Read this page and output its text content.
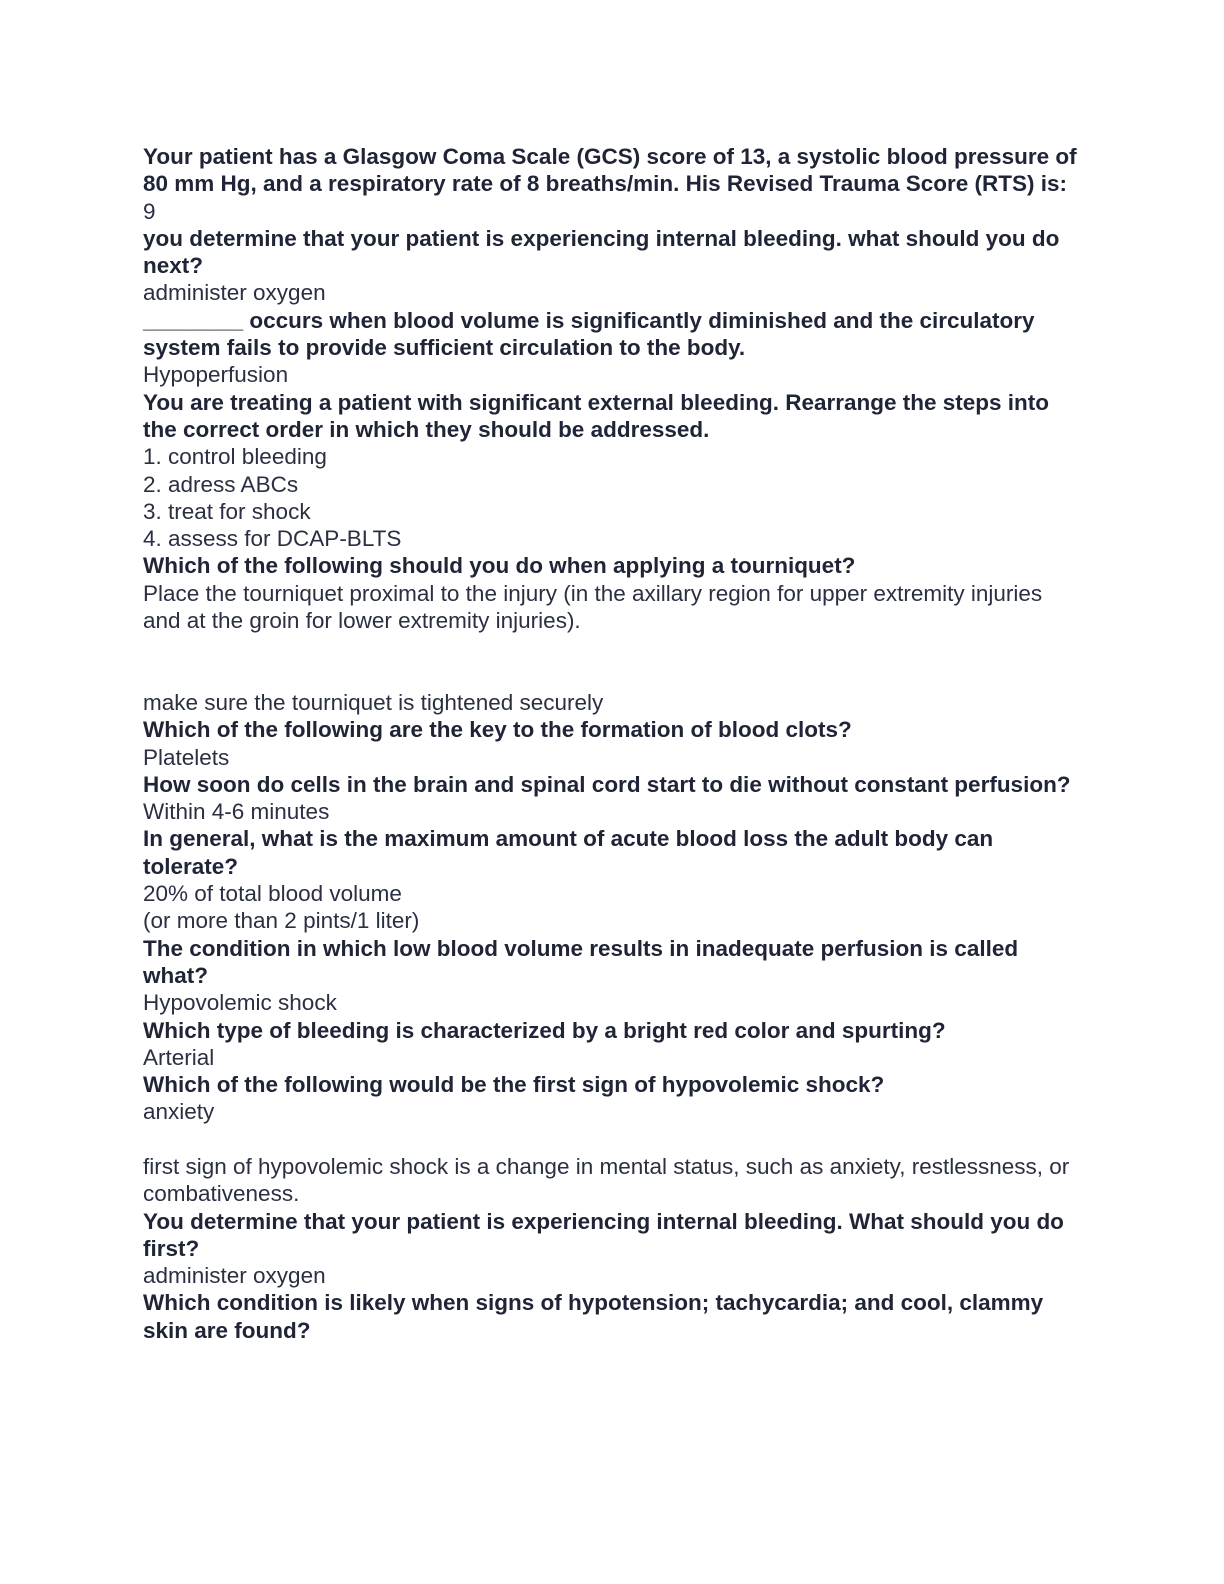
Your patient has a Glasgow Coma Scale (GCS) score of 13, a systolic blood pressure of 80 mm Hg, and a respiratory rate of 8 breaths/min. His Revised Trauma Score (RTS) is:

9

you determine that your patient is experiencing internal bleeding. what should you do next?

administer oxygen

________ occurs when blood volume is significantly diminished and the circulatory system fails to provide sufficient circulation to the body.

Hypoperfusion

You are treating a patient with significant external bleeding. Rearrange the steps into the correct order in which they should be addressed.

1. control bleeding
2. adress ABCs
3. treat for shock
4. assess for DCAP-BLTS

Which of the following should you do when applying a tourniquet?

Place the tourniquet proximal to the injury (in the axillary region for upper extremity injuries and at the groin for lower extremity injuries).

make sure the tourniquet is tightened securely

Which of the following are the key to the formation of blood clots?

Platelets

How soon do cells in the brain and spinal cord start to die without constant perfusion?

Within 4-6 minutes

In general, what is the maximum amount of acute blood loss the adult body can tolerate?

20% of total blood volume
(or more than 2 pints/1 liter)

The condition in which low blood volume results in inadequate perfusion is called what?

Hypovolemic shock

Which type of bleeding is characterized by a bright red color and spurting?

Arterial

Which of the following would be the first sign of hypovolemic shock?

anxiety

first sign of hypovolemic shock is a change in mental status, such as anxiety, restlessness, or combativeness.

You determine that your patient is experiencing internal bleeding. What should you do first?

administer oxygen

Which condition is likely when signs of hypotension; tachycardia; and cool, clammy skin are found?
